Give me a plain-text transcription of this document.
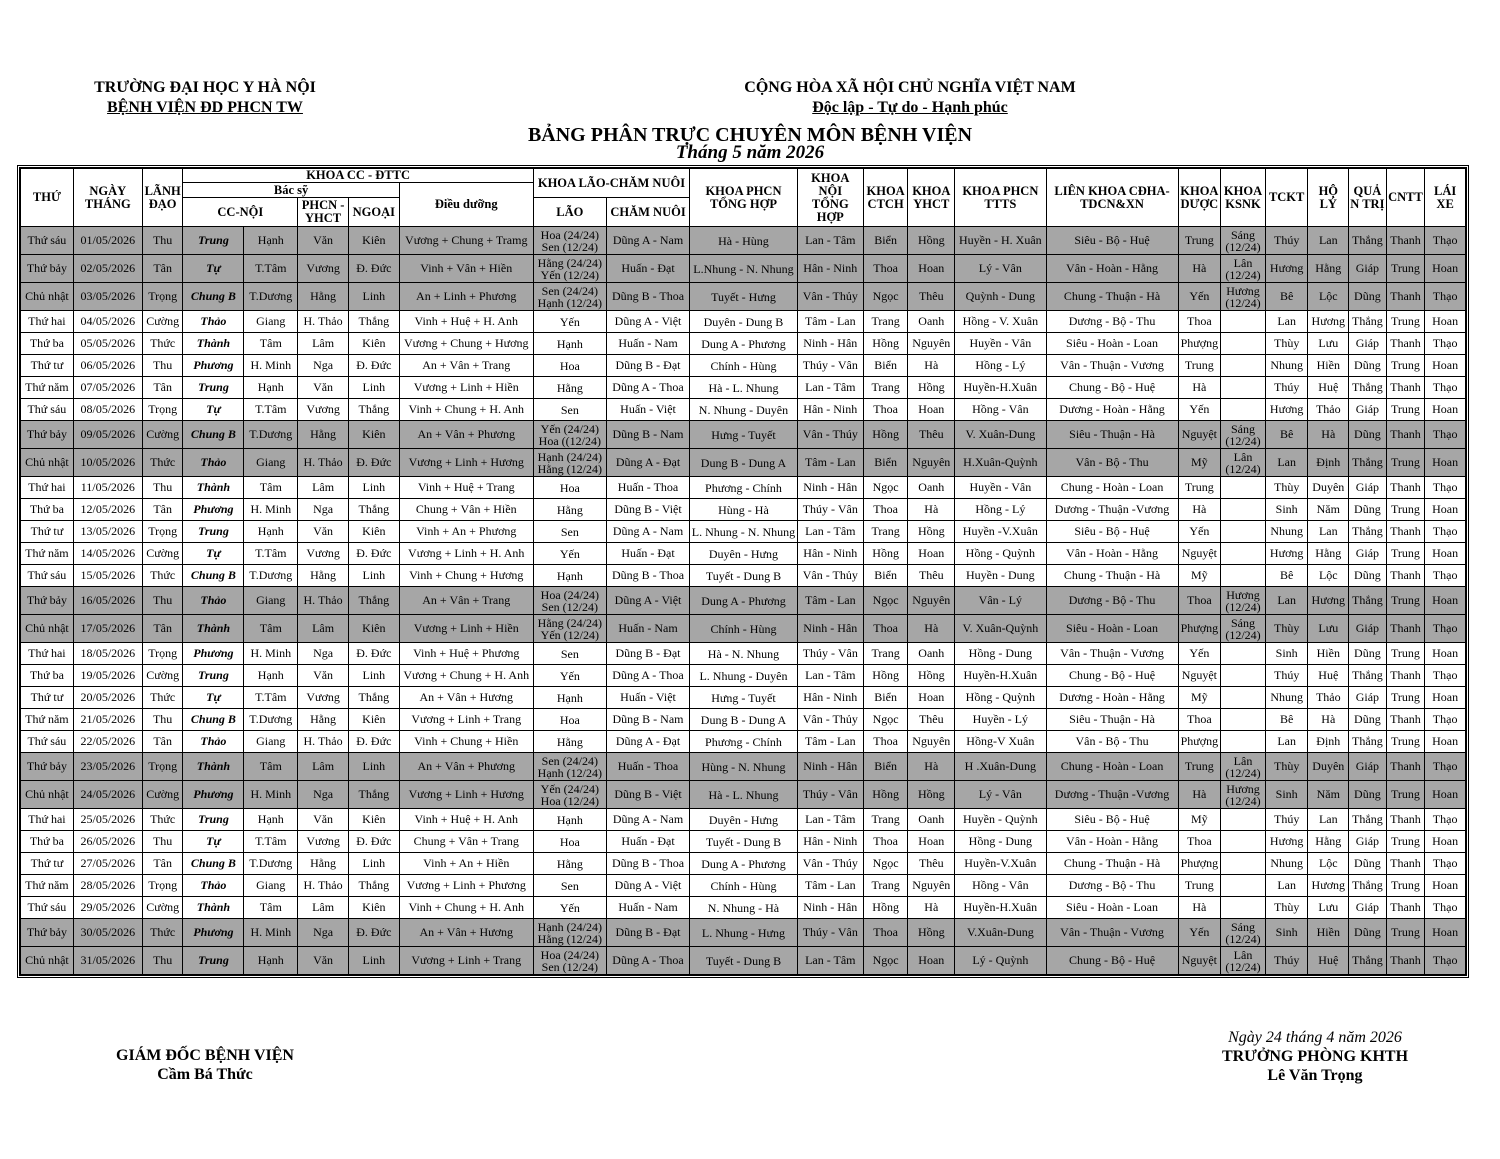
TRƯỜNG ĐẠI HỌC Y HÀ NỘI
BỆNH VIỆN ĐD PHCN TW
CỘNG HÒA XÃ HỘI CHỦ NGHĨA VIỆT NAM
Độc lập - Tự do - Hạnh phúc
BẢNG PHÂN TRỰC CHUYÊN MÔN BỆNH VIỆN
Tháng 5 năm 2026
THỨ	NGÀY THÁNG	LÃNH ĐẠO	KHOA CC - ĐTTC					KHOA LÃO-CHĂM NUÔI		KHOA PHCN TỔNG HỢP	KHOA NỘI TỔNG HỢP	KHOA CTCH	KHOA YHCT	KHOA PHCN TTTS	LIÊN KHOA CĐHA-TDCN&XN	KHOA DƯỢC	KHOA KSNK	TCKT	HỘ LÝ	QUẢ N TRỊ	CNTT	LÁI XE
			Bác sỹ				Điều dưỡng															
			CC-NỘI		PHCN - YHCT	NGOẠI		LÃO	CHĂM NUÔI													
Thứ sáu	01/05/2026	Thu	Trung	Hạnh	Văn	Kiên	Vương + Chung + Tramg	Hoa (24/24) Sen (12/24)	Dũng A - Nam	Hà - Hùng	Lan - Tâm	Biển	Hồng	Huyền - H. Xuân	Siêu - Bộ - Huệ	Trung	Sáng (12/24)	Thúy	Lan	Thắng	Thanh	Thạo
Thứ bảy	02/05/2026	Tân	Tự	T.Tâm	Vương	Đ. Đức	Vinh + Vân + Hiền	Hằng (24/24) Yến (12/24)	Huấn - Đạt	L.Nhung - N. Nhung	Hân - Ninh	Thoa	Hoan	Lý - Vân	Vân - Hoàn - Hằng	Hà	Lân (12/24)	Hương	Hằng	Giáp	Trung	Hoan
Chủ nhật	03/05/2026	Trọng	Chung B	T.Dương	Hằng	Linh	An + Linh + Phương	Sen (24/24) Hạnh (12/24)	Dũng B - Thoa	Tuyết - Hưng	Vân - Thủy	Ngọc	Thêu	Quỳnh - Dung	Chung - Thuận - Hà	Yến	Hương (12/24)	Bê	Lộc	Dũng	Thanh	Thạo
Thứ hai	04/05/2026	Cường	Thảo	Giang	H. Thảo	Thắng	Vinh + Huệ + H. Anh	Yến	Dũng A - Việt	Duyên - Dung B	Tâm - Lan	Trang	Oanh	Hồng - V. Xuân	Dương - Bộ - Thu	Thoa		Lan	Hương	Thắng	Trung	Hoan
Thứ ba	05/05/2026	Thức	Thành	Tâm	Lâm	Kiên	Vương + Chung + Hương	Hạnh	Huấn - Nam	Dung A - Phương	Ninh - Hân	Hồng	Nguyên	Huyền - Vân	Siêu - Hoàn - Loan	Phượng		Thùy	Lưu	Giáp	Thanh	Thạo
Thứ tư	06/05/2026	Thu	Phương	H. Minh	Nga	Đ. Đức	An + Vân + Trang	Hoa	Dũng B - Đạt	Chính - Hùng	Thúy - Vân	Biển	Hà	Hồng - Lý	Vân - Thuận - Vương	Trung		Nhung	Hiền	Dũng	Trung	Hoan
Thứ năm	07/05/2026	Tân	Trung	Hạnh	Văn	Linh	Vương + Linh + Hiền	Hằng	Dũng A - Thoa	Hà - L. Nhung	Lan - Tâm	Trang	Hồng	Huyền-H.Xuân	Chung - Bộ - Huệ	Hà		Thúy	Huệ	Thắng	Thanh	Thạo
Thứ sáu	08/05/2026	Trọng	Tự	T.Tâm	Vương	Thắng	Vinh + Chung + H. Anh	Sen	Huấn - Việt	N. Nhung - Duyên	Hân - Ninh	Thoa	Hoan	Hồng - Vân	Dương - Hoàn - Hằng	Yến		Hương	Thảo	Giáp	Trung	Hoan
Thứ bảy	09/05/2026	Cường	Chung B	T.Dương	Hằng	Kiên	An + Vân + Phương	Yến (24/24) Hoa ((12/24)	Dũng B - Nam	Hưng - Tuyết	Vân - Thúy	Hồng	Thêu	V. Xuân-Dung	Siêu - Thuận - Hà	Nguyệt	Sáng (12/24)	Bê	Hà	Dũng	Thanh	Thạo
Chủ nhật	10/05/2026	Thức	Thảo	Giang	H. Thảo	Đ. Đức	Vương + Linh + Hương	Hạnh (24/24) Hằng (12/24)	Dũng A - Đạt	Dung B - Dung A	Tâm - Lan	Biển	Nguyên	H.Xuân-Quỳnh	Vân - Bộ - Thu	Mỹ	Lân (12/24)	Lan	Định	Thắng	Trung	Hoan
Thứ hai	11/05/2026	Thu	Thành	Tâm	Lâm	Linh	Vinh + Huệ + Trang	Hoa	Huấn - Thoa	Phương - Chính	Ninh - Hân	Ngọc	Oanh	Huyền - Vân	Chung - Hoàn - Loan	Trung		Thùy	Duyên	Giáp	Thanh	Thạo
Thứ ba	12/05/2026	Tân	Phương	H. Minh	Nga	Thắng	Chung + Vân + Hiền	Hằng	Dũng B - Việt	Hùng - Hà	Thúy - Vân	Thoa	Hà	Hồng - Lý	Dương - Thuận -Vương	Hà		Sinh	Năm	Dũng	Trung	Hoan
Thứ tư	13/05/2026	Trọng	Trung	Hạnh	Văn	Kiên	Vinh + An + Phương	Sen	Dũng A - Nam	L. Nhung - N. Nhung	Lan - Tâm	Trang	Hồng	Huyền -V.Xuân	Siêu - Bộ - Huệ	Yến		Nhung	Lan	Thắng	Thanh	Thạo
Thứ năm	14/05/2026	Cường	Tự	T.Tâm	Vương	Đ. Đức	Vương + Linh + H. Anh	Yến	Huấn - Đạt	Duyên - Hưng	Hân - Ninh	Hồng	Hoan	Hồng - Quỳnh	Vân - Hoàn - Hằng	Nguyệt		Hương	Hằng	Giáp	Trung	Hoan
Thứ sáu	15/05/2026	Thức	Chung B	T.Dương	Hằng	Linh	Vinh + Chung + Hương	Hạnh	Dũng B - Thoa	Tuyết - Dung B	Vân - Thủy	Biển	Thêu	Huyền - Dung	Chung - Thuận - Hà	Mỹ		Bê	Lộc	Dũng	Thanh	Thạo
Thứ bảy	16/05/2026	Thu	Thảo	Giang	H. Thảo	Thắng	An + Vân + Trang	Hoa (24/24) Sen (12/24)	Dũng A - Việt	Dung A - Phương	Tâm - Lan	Ngọc	Nguyên	Vân - Lý	Dương - Bộ - Thu	Thoa	Hương (12/24)	Lan	Hương	Thắng	Trung	Hoan
Chủ nhật	17/05/2026	Tân	Thành	Tâm	Lâm	Kiên	Vương + Linh + Hiền	Hằng (24/24) Yến (12/24)	Huấn - Nam	Chính - Hùng	Ninh - Hân	Thoa	Hà	V. Xuân-Quỳnh	Siêu - Hoàn - Loan	Phượng	Sáng (12/24)	Thùy	Lưu	Giáp	Thanh	Thạo
Thứ hai	18/05/2026	Trọng	Phương	H. Minh	Nga	Đ. Đức	Vinh + Huệ + Phương	Sen	Dũng B - Đạt	Hà - N. Nhung	Thúy - Vân	Trang	Oanh	Hồng - Dung	Vân - Thuận - Vương	Yến		Sinh	Hiền	Dũng	Trung	Hoan
Thứ ba	19/05/2026	Cường	Trung	Hạnh	Văn	Linh	Vương + Chung + H. Anh	Yến	Dũng A - Thoa	L. Nhung - Duyên	Lan - Tâm	Hồng	Hồng	Huyền-H.Xuân	Chung - Bộ - Huệ	Nguyệt		Thúy	Huệ	Thắng	Thanh	Thạo
Thứ tư	20/05/2026	Thức	Tự	T.Tâm	Vương	Thắng	An + Vân + Hương	Hạnh	Huấn - Việt	Hưng - Tuyết	Hân - Ninh	Biển	Hoan	Hồng - Quỳnh	Dương - Hoàn - Hằng	Mỹ		Nhung	Thảo	Giáp	Trung	Hoan
Thứ năm	21/05/2026	Thu	Chung B	T.Dương	Hằng	Kiên	Vương + Linh + Trang	Hoa	Dũng B - Nam	Dung B - Dung A	Vân - Thủy	Ngọc	Thêu	Huyền - Lý	Siêu - Thuận - Hà	Thoa		Bê	Hà	Dũng	Thanh	Thạo
Thứ sáu	22/05/2026	Tân	Thảo	Giang	H. Thảo	Đ. Đức	Vinh + Chung + Hiền	Hằng	Dũng A - Đạt	Phương - Chính	Tâm - Lan	Thoa	Nguyên	Hồng-V Xuân	Vân - Bộ - Thu	Phượng		Lan	Định	Thắng	Trung	Hoan
Thứ bảy	23/05/2026	Trọng	Thành	Tâm	Lâm	Linh	An + Vân + Phương	Sen (24/24) Hạnh (12/24)	Huấn - Thoa	Hùng - N. Nhung	Ninh - Hân	Biển	Hà	H .Xuân-Dung	Chung - Hoàn - Loan	Trung	Lân (12/24)	Thùy	Duyên	Giáp	Thanh	Thạo
Chủ nhật	24/05/2026	Cường	Phương	H. Minh	Nga	Thắng	Vương + Linh + Hương	Yến (24/24) Hoa (12/24)	Dũng B - Việt	Hà - L. Nhung	Thúy - Vân	Hồng	Hồng	Lý - Vân	Dương - Thuận -Vương	Hà	Hương (12/24)	Sinh	Năm	Dũng	Trung	Hoan
Thứ hai	25/05/2026	Thức	Trung	Hạnh	Văn	Kiên	Vinh + Huệ + H. Anh	Hạnh	Dũng A - Nam	Duyên - Hưng	Lan - Tâm	Trang	Oanh	Huyền - Quỳnh	Siêu - Bộ - Huệ	Mỹ		Thúy	Lan	Thắng	Thanh	Thạo
Thứ ba	26/05/2026	Thu	Tự	T.Tâm	Vương	Đ. Đức	Chung + Vân + Trang	Hoa	Huấn - Đạt	Tuyết - Dung B	Hân - Ninh	Thoa	Hoan	Hồng - Dung	Vân - Hoàn - Hằng	Thoa		Hương	Hằng	Giáp	Trung	Hoan
Thứ tư	27/05/2026	Tân	Chung B	T.Dương	Hằng	Linh	Vinh + An + Hiền	Hằng	Dũng B - Thoa	Dung A - Phương	Vân - Thúy	Ngọc	Thêu	Huyền-V.Xuân	Chung - Thuận - Hà	Phượng		Nhung	Lộc	Dũng	Thanh	Thạo
Thứ năm	28/05/2026	Trọng	Thảo	Giang	H. Thảo	Thắng	Vương + Linh + Phương	Sen	Dũng A - Việt	Chính - Hùng	Tâm - Lan	Trang	Nguyên	Hồng - Vân	Dương - Bộ - Thu	Trung		Lan	Hương	Thắng	Trung	Hoan
Thứ sáu	29/05/2026	Cường	Thành	Tâm	Lâm	Kiên	Vinh + Chung + H. Anh	Yến	Huấn - Nam	N. Nhung - Hà	Ninh - Hân	Hồng	Hà	Huyền-H.Xuân	Siêu - Hoàn - Loan	Hà		Thùy	Lưu	Giáp	Thanh	Thạo
Thứ bảy	30/05/2026	Thức	Phương	H. Minh	Nga	Đ. Đức	An + Vân + Hương	Hạnh (24/24) Hằng (12/24)	Dũng B - Đạt	L. Nhung - Hưng	Thúy - Vân	Thoa	Hồng	V.Xuân-Dung	Vân - Thuận - Vương	Yến	Sáng (12/24)	Sinh	Hiền	Dũng	Trung	Hoan
Chủ nhật	31/05/2026	Thu	Trung	Hạnh	Văn	Linh	Vương + Linh + Trang	Hoa (24/24) Sen (12/24)	Dũng A - Thoa	Tuyết - Dung B	Lan - Tâm	Ngọc	Hoan	Lý - Quỳnh	Chung - Bộ - Huệ	Nguyệt	Lân (12/24)	Thúy	Huệ	Thắng	Thanh	Thạo
GIÁM ĐỐC BỆNH VIỆN
Cầm Bá Thức
Ngày 24 tháng 4 năm 2026
TRƯỞNG PHÒNG KHTH
Lê Văn Trọng
